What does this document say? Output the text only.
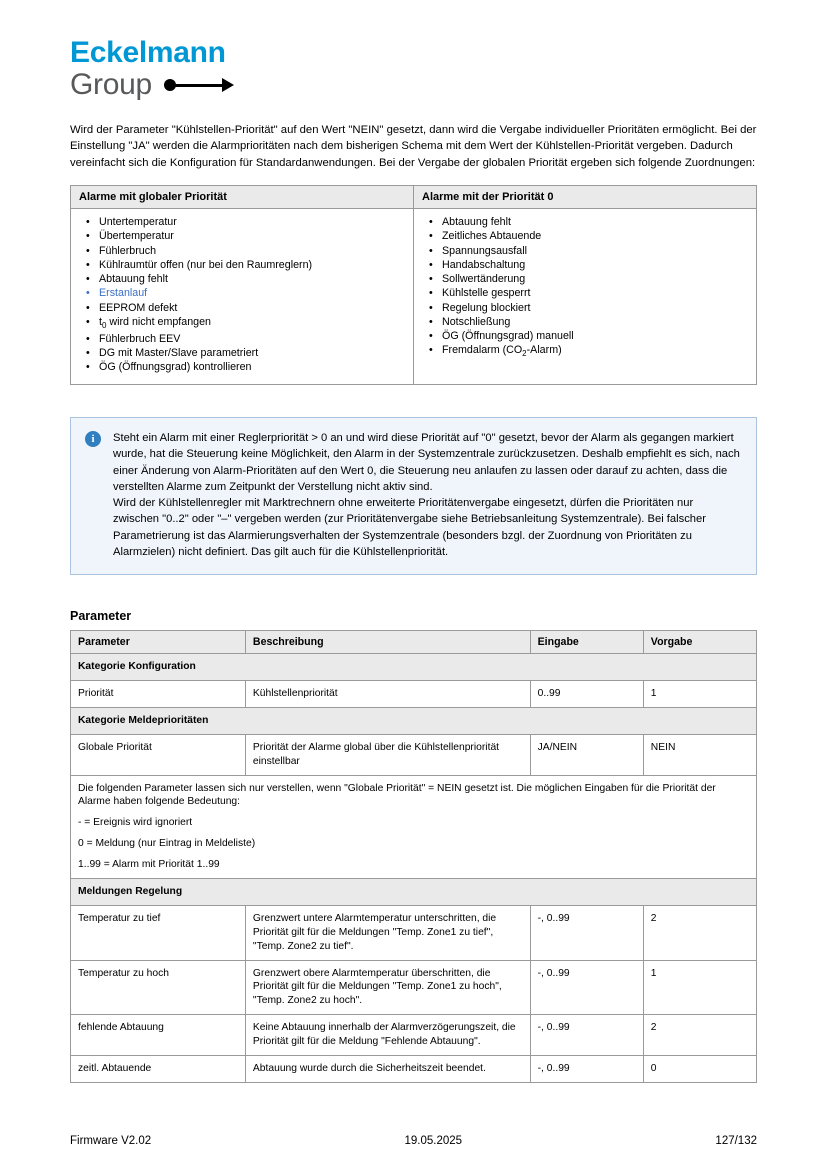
Eckelmann
Group
Wird der Parameter "Kühlstellen-Priorität" auf den Wert "NEIN" gesetzt, dann wird die Vergabe individueller Prioritäten ermöglicht. Bei der Einstellung "JA" werden die Alarmprioritäten nach dem bisherigen Schema mit dem Wert der Kühlstellen-Priorität vergeben. Dadurch vereinfacht sich die Konfiguration für Standardanwendungen. Bei der Vergabe der globalen Priorität ergeben sich folgende Zuordnungen:
Alarme mit globaler Priorität	Alarme mit der Priorität 0

• Untertemperatur
• Übertemperatur
• Fühlerbruch
• Kühlraumtür offen (nur bei den Raumreglern)
• Abtauung fehlt
• Erstanlauf
• EEPROM defekt
• $t_0$ wird nicht empfangen
• Fühlerbruch EEV
• DG mit Master/Slave parametriert
• ÖG (Öffnungsgrad) kontrollieren

• Abtauung fehlt
• Zeitliches Abtauende
• Spannungsausfall
• Handabschaltung
• Sollwertänderung
• Kühlstelle gesperrt
• Regelung blockiert
• Notschließung
• ÖG (Öffnungsgrad) manuell
• Fremdalarm $(CO_2-Alarm)$
i	Steht ein Alarm mit einer Reglerpriorität > 0 an und wird diese Priorität auf "0" gesetzt, bevor der Alarm als gegangen markiert wurde, hat die Steuerung keine Möglichkeit, den Alarm in der Systemzentrale zurückzusetzen. Deshalb empfiehlt es sich, nach einer Änderung von Alarm-Prioritäten auf den Wert 0, die Steuerung neu anlaufen zu lassen oder darauf zu achten, dass die verstellten Alarme zum Zeitpunkt der Verstellung nicht aktiv sind.

Wird der Kühlstellenregler mit Marktrechnern ohne erweiterte Prioritätenvergabe eingesetzt, dürfen die Prioritäten nur zwischen "0..2" oder "–" vergeben werden (zur Prioritätenvergabe siehe Betriebsanleitung Systemzentrale). Bei falscher Parametrierung ist das Alarmierungsverhalten der Systemzentrale (besonders bzgl. der Zuordnung von Prioritäten zu Alarmzielen) nicht definiert. Das gilt auch für die Kühlstellenpriorität.

Parameter
Parameter	Beschreibung	Eingabe	Vorgabe
Kategorie Konfiguration			
Priorität	Kühlstellenpriorität	0..99	1
Kategorie Meldeprioritäten			
Globale Priorität	Priorität der Alarme global über die Kühlstellenpriorität einstellbar	JA/NEIN	NEIN

Die folgenden Parameter lassen sich nur verstellen, wenn "Globale Priorität" = NEIN gesetzt ist. Die möglichen Eingaben für die Priorität der Alarme haben folgende Bedeutung:

- = Ereignis wird ignoriert

0 = Meldung (nur Eintrag in Meldeliste)

1..99 = Alarm mit Priorität 1..99			

Meldungen Regelung			
Temperatur zu tief	Grenzwert untere Alarmtemperatur unterschritten, die Priorität gilt für die Meldungen "Temp. Zone1 zu tief", "Temp. Zone2 zu tief".	-, 0..99	2
Temperatur zu hoch	Grenzwert obere Alarmtemperatur überschritten, die Priorität gilt für die Meldungen "Temp. Zone1 zu hoch", "Temp. Zone2 zu hoch".	-, 0..99	1
fehlende Abtauung	Keine Abtauung innerhalb der Alarmverzögerungszeit, die Priorität gilt für die Meldung "Fehlende Abtauung".	-, 0..99	2
zeitl. Abtauende	Abtauung wurde durch die Sicherheitszeit beendet.	-, 0..99	0
Firmware V2.02	19.05.2025	127/132
